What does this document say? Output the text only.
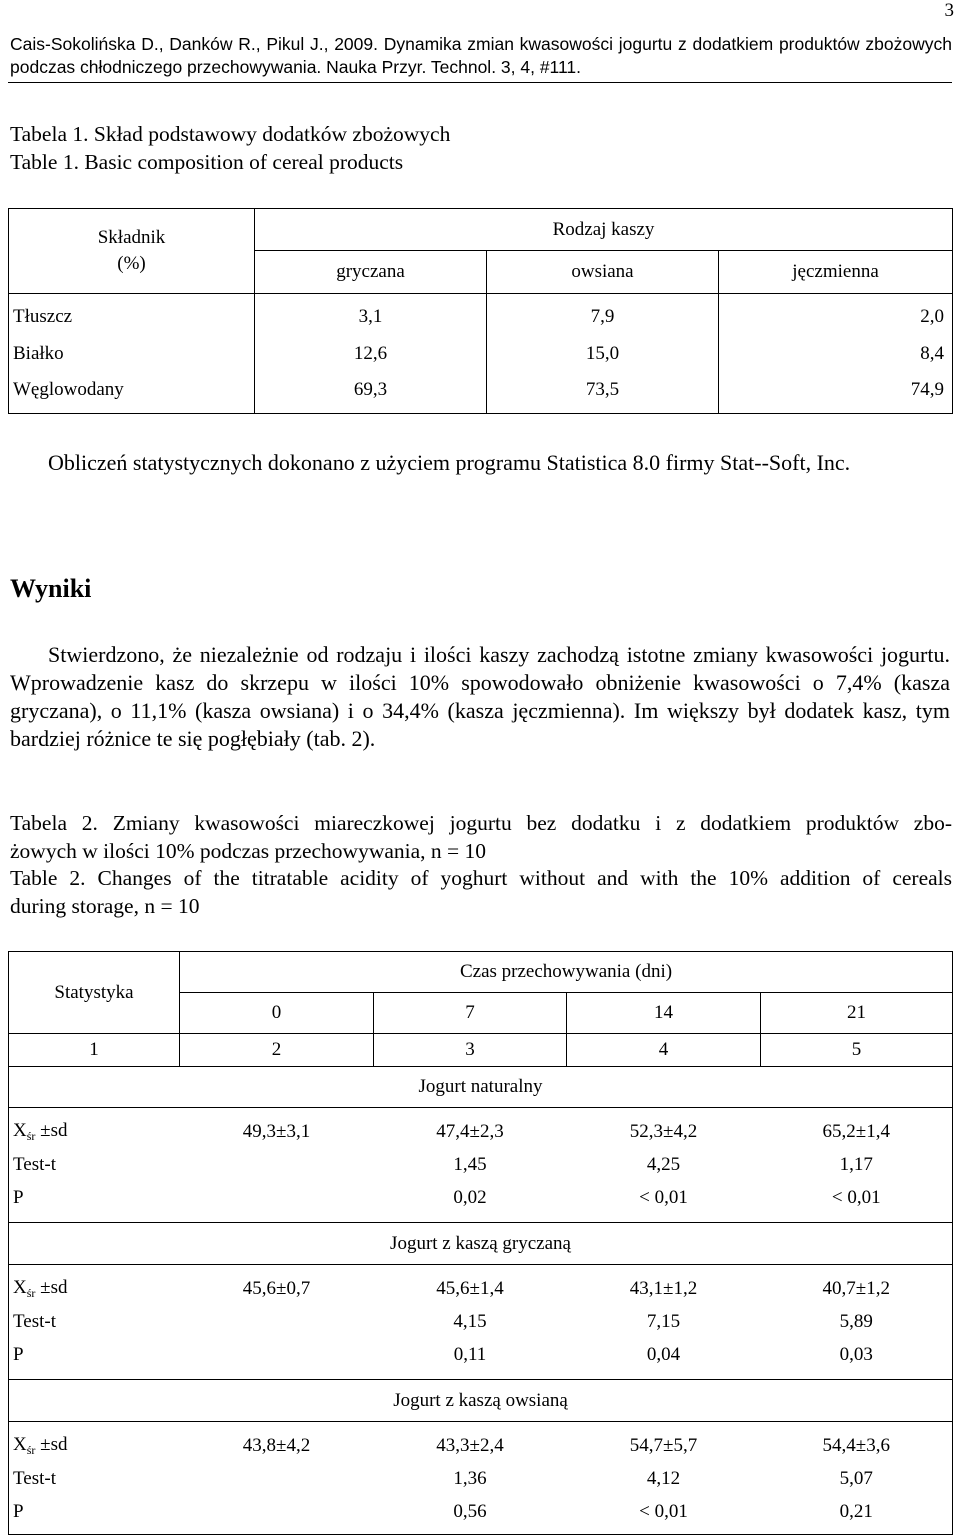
3
Cais-Sokolińska D., Danków R., Pikul J., 2009. Dynamika zmian kwasowości jogurtu z dodatkiem produktów zbożowych podczas chłodniczego przechowywania. Nauka Przyr. Technol. 3, 4, #111.
Tabela 1. Skład podstawowy dodatków zbożowych
Table 1. Basic composition of cereal products
Składnik
(%)	Rodzaj kaszy		
	gryczana	owsiana	jęczmienna
Tłuszcz	3,1	7,9	2,0
Białko	12,6	15,0	8,4
Węglowodany	69,3	73,5	74,9
Obliczeń statystycznych dokonano z użyciem programu Statistica 8.0 firmy Stat--Soft, Inc.
Wyniki
Stwierdzono, że niezależnie od rodzaju i ilości kaszy zachodzą istotne zmiany kwasowości jogurtu. Wprowadzenie kasz do skrzepu w ilości 10% spowodowało obniżenie kwasowości o 7,4% (kasza gryczana), o 11,1% (kasza owsiana) i o 34,4% (kasza jęczmienna). Im większy był dodatek kasz, tym bardziej różnice te się pogłębiały (tab. 2).
Tabela 2. Zmiany kwasowości miareczkowej jogurtu bez dodatku i z dodatkiem produktów zbo-
żowych w ilości 10% podczas przechowywania, n = 10
Table 2. Changes of the titratable acidity of yoghurt without and with the 10% addition of cereals
during storage, n = 10
Statystyka	Czas przechowywania (dni)			
	0	7	14	21
1	2	3	4	5
Jogurt naturalny				
$X_{śr} \pm sd$	49,3±3,1	47,4±2,3	52,3±4,2	65,2±1,4
Test-t		1,45	4,25	1,17
P		0,02	< 0,01	< 0,01
Jogurt z kaszą gryczaną				
$X_{śr} \pm sd$	45,6±0,7	45,6±1,4	43,1±1,2	40,7±1,2
Test-t		4,15	7,15	5,89
P		0,11	0,04	0,03
Jogurt z kaszą owsianą				
$X_{śr} \pm sd$	43,8±4,2	43,3±2,4	54,7±5,7	54,4±3,6
Test-t		1,36	4,12	5,07
P		0,56	< 0,01	0,21
